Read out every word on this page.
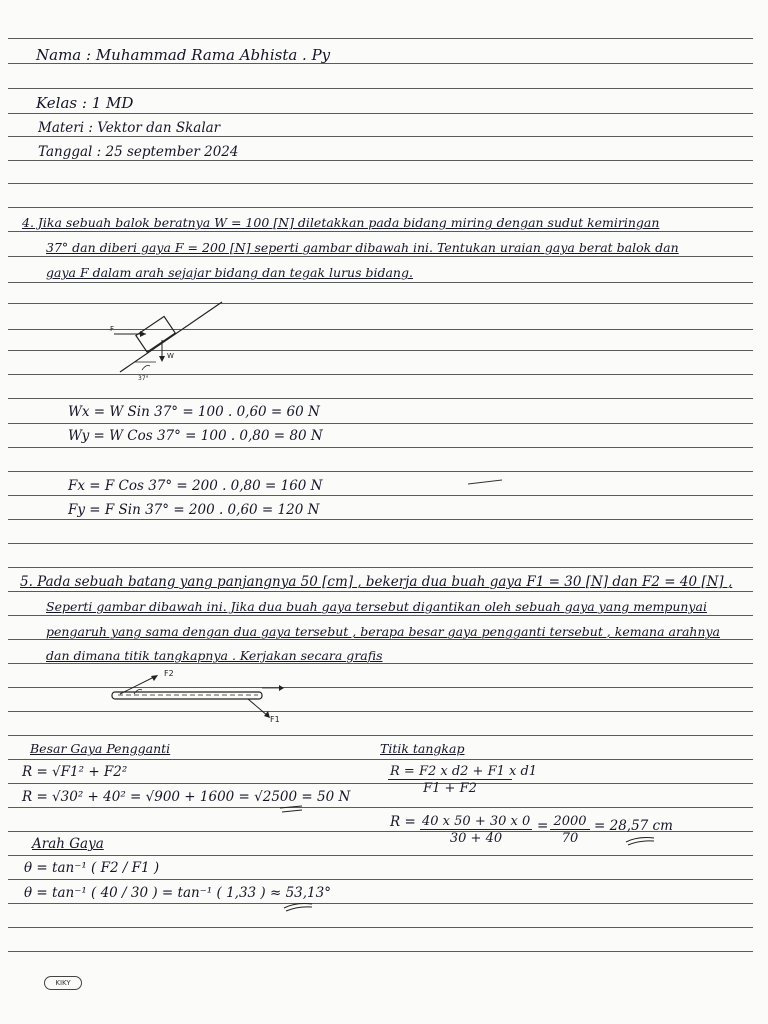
Nama : Muhammad Rama Abhista . Py
Kelas : 1 MD
Materi : Vektor dan Skalar
Tanggal : 25 september 2024
4. Jika sebuah balok beratnya W = 100 [N] diletakkan pada bidang miring dengan sudut kemiringan
37° dan diberi gaya F = 200 [N] seperti gambar dibawah ini. Tentukan uraian gaya berat balok dan
gaya F dalam arah sejajar bidang dan tegak lurus bidang.
F
W
37°
Wx = W Sin 37° = 100 . 0,60 = 60 N
Wy = W Cos 37° = 100 . 0,80 = 80 N
Fx = F Cos 37° = 200 . 0,80 = 160 N
Fy = F Sin 37° = 200 . 0,60 = 120 N
5. Pada sebuah batang yang panjangnya 50 [cm] , bekerja dua buah gaya F1 = 30 [N] dan F2 = 40 [N] ,
Seperti gambar dibawah ini. Jika dua buah gaya tersebut digantikan oleh sebuah gaya yang mempunyai
pengaruh yang sama dengan dua gaya tersebut , berapa besar gaya pengganti tersebut , kemana arahnya
dan dimana titik tangkapnya . Kerjakan secara grafis
F2
F1
Besar Gaya Pengganti
R = √F1² + F2²
R = √30² + 40² = √900 + 1600 = √2500 = 50 N
Titik tangkap
$\frac{\text{R = F2 x d2 + F1 x d1}}{F1 + F2}$
$R = \frac{40 x 50 + 30 x 0}{30 + 40} = \frac{2000}{70} = 28,57$ cm
Arah Gaya
θ = tan⁻¹ ( F2 / F1 )
θ = tan⁻¹ ( 40 / 30 ) = tan⁻¹ ( 1,33 ) ≈ 53,13°
KIKY
